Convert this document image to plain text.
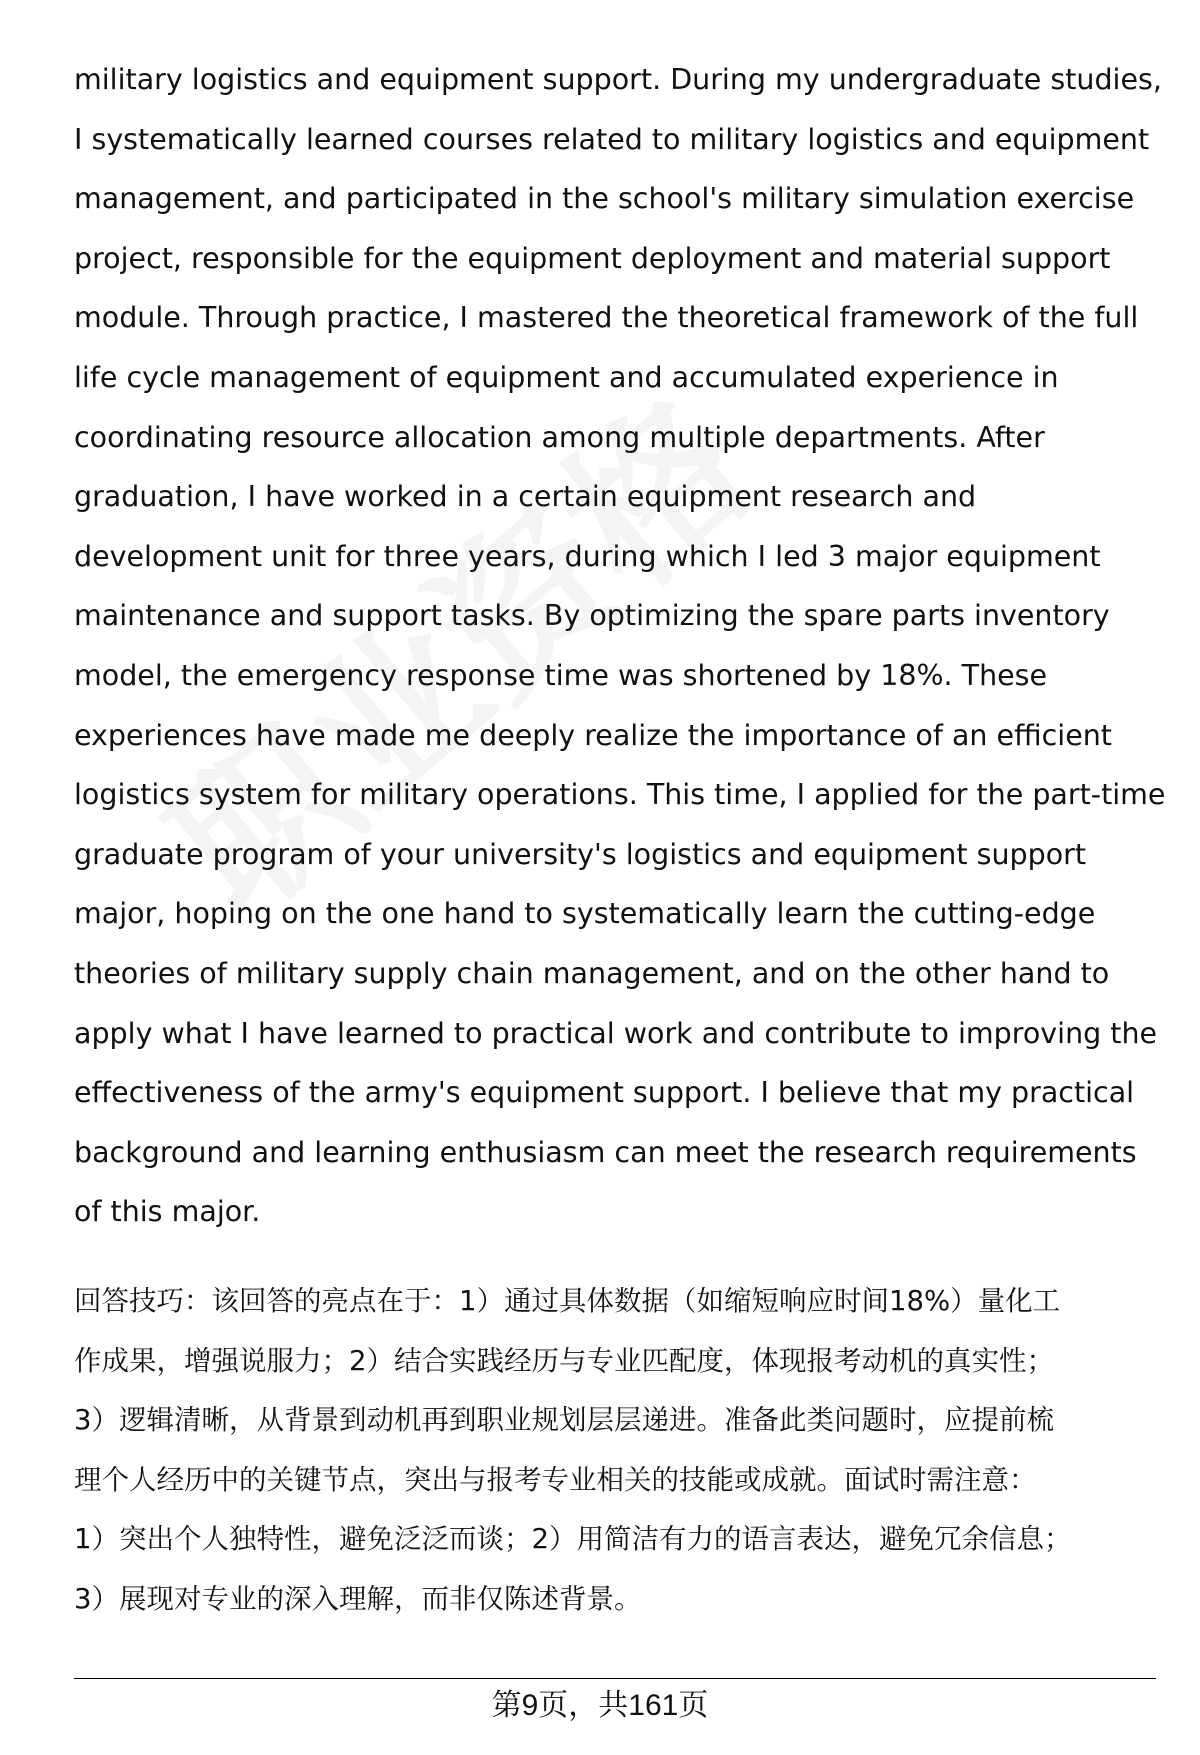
military logistics and equipment support. During my undergraduate studies,
I systematically learned courses related to military logistics and equipment
management, and participated in the school's military simulation exercise
project, responsible for the equipment deployment and material support
module. Through practice, I mastered the theoretical framework of the full
life cycle management of equipment and accumulated experience in
coordinating resource allocation among multiple departments. After
graduation, I have worked in a certain equipment research and
development unit for three years, during which I led 3 major equipment
maintenance and support tasks. By optimizing the spare parts inventory
model, the emergency response time was shortened by 18%. These
experiences have made me deeply realize the importance of an efficient
logistics system for military operations. This time, I applied for the part-time
graduate program of your university's logistics and equipment support
major, hoping on the one hand to systematically learn the cutting-edge
theories of military supply chain management, and on the other hand to
apply what I have learned to practical work and contribute to improving the
effectiveness of the army's equipment support. I believe that my practical
background and learning enthusiasm can meet the research requirements
of this major.
回答技巧：该回答的亮点在于：1）通过具体数据（如缩短响应时间18%）量化工
作成果，增强说服力；2）结合实践经历与专业匹配度，体现报考动机的真实性；
3）逻辑清晰，从背景到动机再到职业规划层层递进。准备此类问题时，应提前梳
理个人经历中的关键节点，突出与报考专业相关的技能或成就。面试时需注意：
1）突出个人独特性，避免泛泛而谈；2）用简洁有力的语言表达，避免冗余信息；
3）展现对专业的深入理解，而非仅陈述背景。
第9页，共161页
